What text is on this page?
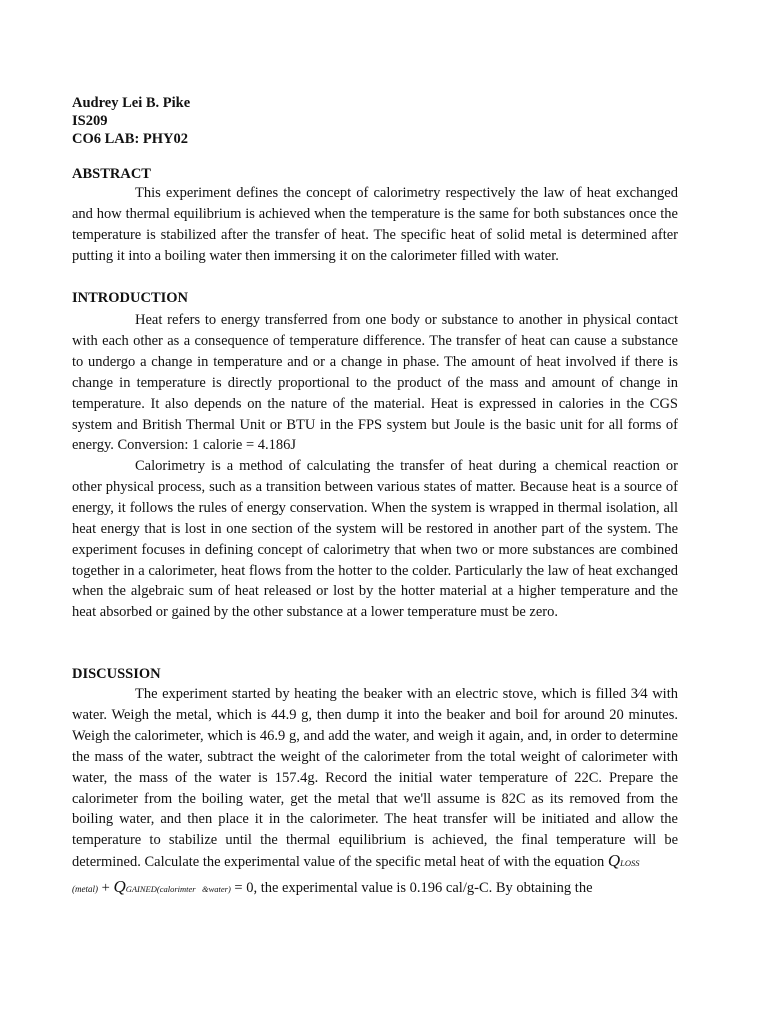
Audrey Lei B. Pike
IS209
CO6 LAB: PHY02
ABSTRACT

This experiment defines the concept of calorimetry respectively the law of heat exchanged and how thermal equilibrium is achieved when the temperature is the same for both substances once the temperature is stabilized after the transfer of heat. The specific heat of solid metal is determined after putting it into a boiling water then immersing it on the calorimeter filled with water.

INTRODUCTION

Heat refers to energy transferred from one body or substance to another in physical contact with each other as a consequence of temperature difference. The transfer of heat can cause a substance to undergo a change in temperature and or a change in phase. The amount of heat involved if there is change in temperature is directly proportional to the product of the mass and amount of change in temperature. It also depends on the nature of the material. Heat is expressed in calories in the CGS system and British Thermal Unit or BTU in the FPS system but Joule is the basic unit for all forms of energy. Conversion: 1 calorie = 4.186J

Calorimetry is a method of calculating the transfer of heat during a chemical reaction or other physical process, such as a transition between various states of matter. Because heat is a source of energy, it follows the rules of energy conservation. When the system is wrapped in thermal isolation, all heat energy that is lost in one section of the system will be restored in another part of the system. The experiment focuses in defining concept of calorimetry that when two or more substances are combined together in a calorimeter, heat flows from the hotter to the colder. Particularly the law of heat exchanged when the algebraic sum of heat released or lost by the hotter material at a higher temperature and the heat absorbed or gained by the other substance at a lower temperature must be zero.

DISCUSSION

The experiment started by heating the beaker with an electric stove, which is filled 3⁄4 with water. Weigh the metal, which is 44.9 g, then dump it into the beaker and boil for around 20 minutes. Weigh the calorimeter, which is 46.9 g, and add the water, and weigh it again, and, in order to determine the mass of the water, subtract the weight of the calorimeter from the total weight of calorimeter with water, the mass of the water is 157.4g. Record the initial water temperature of 22C. Prepare the calorimeter from the boiling water, get the metal that we'll assume is 82C as its removed from the boiling water, and then place it in the calorimeter. The heat transfer will be initiated and allow the temperature to stabilize until the thermal equilibrium is achieved, the final temperature will be determined. Calculate the experimental value of the specific metal heat of with the equation QLOSS

(metal) + QGAINED(calorimter   &water) = 0, the experimental value is 0.196 cal/g-C. By obtaining the
